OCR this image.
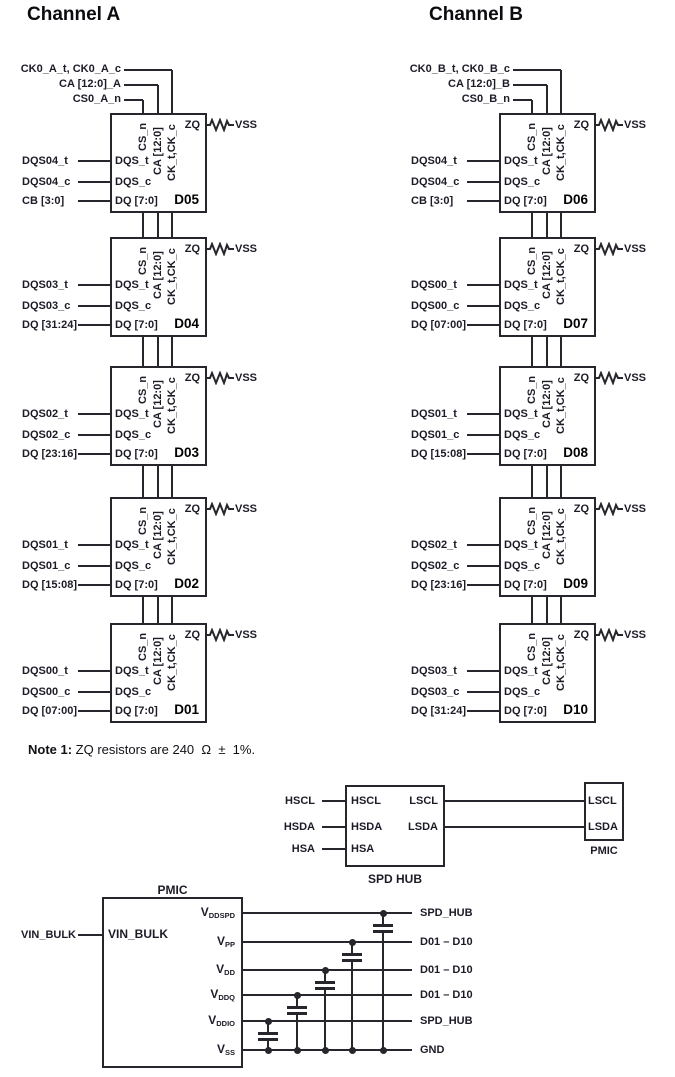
Channel A
CK0_A_t, CK0_A_c
CA [12:0]_A
CS0_A_n
CS_n CA [12:0] CK_t,CK_c
DQS_t
DQS04_t
DQS_c
DQS04_c
DQ [7:0]
CB [3:0]	D05
ZQ	VSS
CS_n CA [12:0] CK_t,CK_c
DQS_t
DQS03_t
DQS_c
DQS03_c
DQ [7:0]
DQ [31:24]	D04
ZQ	VSS
CS_n CA [12:0] CK_t,CK_c
DQS_t
DQS02_t
DQS_c
DQS02_c
DQ [7:0]
DQ [23:16]	D03
ZQ	VSS
CS_n CA [12:0] CK_t,CK_c
DQS_t
DQS01_t
DQS_c
DQS01_c
DQ [7:0]
DQ [15:08]	D02
ZQ	VSS
CS_n CA [12:0] CK_t,CK_c
DQS_t
DQS00_t
DQS_c
DQS00_c
DQ [7:0]
DQ [07:00]	D01
ZQ	VSS
Channel B
CK0_B_t, CK0_B_c
CA [12:0]_B
CS0_B_n
CS_n CA [12:0] CK_t,CK_c
DQS_t
DQS04_t
DQS_c
DQS04_c
DQ [7:0]
CB [3:0]	D06
ZQ	VSS
CS_n CA [12:0] CK_t,CK_c
DQS_t
DQS00_t
DQS_c
DQS00_c
DQ [7:0]
DQ [07:00]	D07
ZQ	VSS
CS_n CA [12:0] CK_t,CK_c
DQS_t
DQS01_t
DQS_c
DQS01_c
DQ [7:0]
DQ [15:08]	D08
ZQ	VSS
CS_n CA [12:0] CK_t,CK_c
DQS_t
DQS02_t
DQS_c
DQS02_c
DQ [7:0]
DQ [23:16]	D09
ZQ	VSS
CS_n CA [12:0] CK_t,CK_c
DQS_t
DQS03_t
DQS_c
DQS03_c
DQ [7:0]
DQ [31:24]	D10
ZQ	VSS
Note 1: ZQ resistors are 240  Ω  ±  1%.
HSCL	HSCL
HSDA	HSDA
HSA	HSA
LSCL
LSDA
SPD HUB
LSCL
LSDA
PMIC
PMIC
VIN_BULK	VIN_BULK
$V_{DDSPD}$	SPD_HUB
$V_{PP}$	D01 – D10
$V_{DD}$	D01 – D10
$V_{DDQ}$	D01 – D10
$V_{DDIO}$	SPD_HUB
$V_{SS}$	GND
